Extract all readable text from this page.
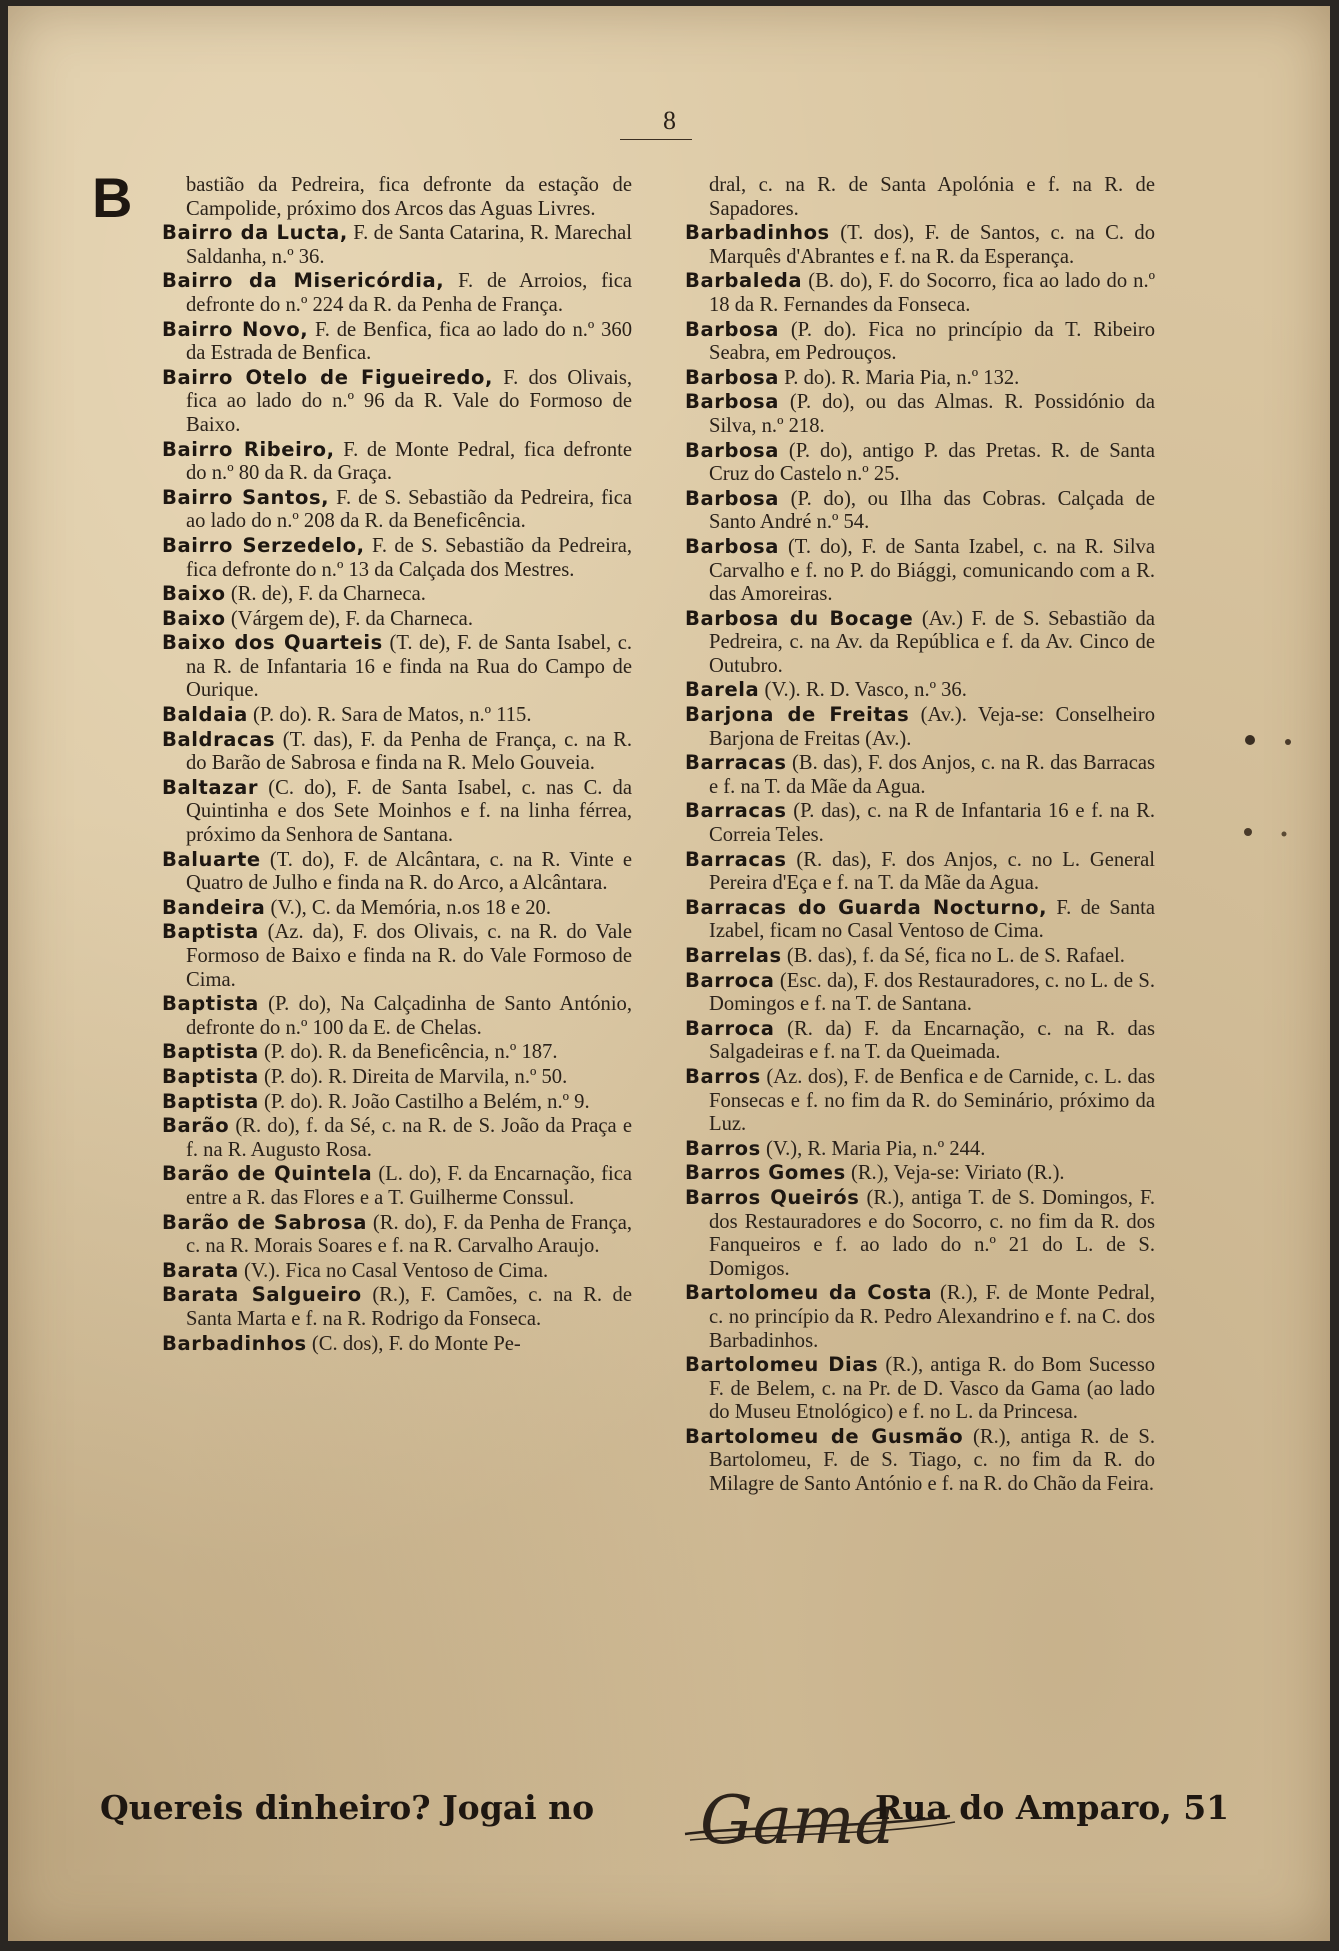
8
B	bastião da Pedreira, fica defronte da estação de Campolide, próximo dos Arcos das Aguas Livres.

Bairro da Lucta, F. de Santa Catarina, R. Marechal Saldanha, n.º 36.

Bairro da Misericórdia, F. de Arroios, fica defronte do n.º 224 da R. da Penha de França.

Bairro Novo, F. de Benfica, fica ao lado do n.º 360 da Estrada de Benfica.

Bairro Otelo de Figueiredo, F. dos Olivais, fica ao lado do n.º 96 da R. Vale do Formoso de Baixo.

Bairro Ribeiro, F. de Monte Pedral, fica defronte do n.º 80 da R. da Graça.

Bairro Santos, F. de S. Sebastião da Pedreira, fica ao lado do n.º 208 da R. da Beneficência.

Bairro Serzedelo, F. de S. Sebastião da Pedreira, fica defronte do n.º 13 da Calçada dos Mestres.

Baixo (R. de), F. da Charneca.

Baixo (Várgem de), F. da Charneca.

Baixo dos Quarteis (T. de), F. de Santa Isabel, c. na R. de Infantaria 16 e finda na Rua do Campo de Ourique.

Baldaia (P. do). R. Sara de Matos, n.º 115.

Baldracas (T. das), F. da Penha de França, c. na R. do Barão de Sabrosa e finda na R. Melo Gouveia.

Baltazar (C. do), F. de Santa Isabel, c. nas C. da Quintinha e dos Sete Moinhos e f. na linha férrea, próximo da Senhora de Santana.

Baluarte (T. do), F. de Alcântara, c. na R. Vinte e Quatro de Julho e finda na R. do Arco, a Alcântara.

Bandeira (V.), C. da Memória, n.os 18 e 20.

Baptista (Az. da), F. dos Olivais, c. na R. do Vale Formoso de Baixo e finda na R. do Vale Formoso de Cima.

Baptista (P. do), Na Calçadinha de Santo António, defronte do n.º 100 da E. de Chelas.

Baptista (P. do). R. da Beneficência, n.º 187.

Baptista (P. do). R. Direita de Marvila, n.º 50.

Baptista (P. do). R. João Castilho a Belém, n.º 9.

Barão (R. do), f. da Sé, c. na R. de S. João da Praça e f. na R. Augusto Rosa.

Barão de Quintela (L. do), F. da Encarnação, fica entre a R. das Flores e a T. Guilherme Conssul.

Barão de Sabrosa (R. do), F. da Penha de França, c. na R. Morais Soares e f. na R. Carvalho Araujo.

Barata (V.). Fica no Casal Ventoso de Cima.

Barata Salgueiro (R.), F. Camões, c. na R. de Santa Marta e f. na R. Rodrigo da Fonseca.

Barbadinhos (C. dos), F. do Monte Pe-

dral, c. na R. de Santa Apolónia e f. na R. de Sapadores.

Barbadinhos (T. dos), F. de Santos, c. na C. do Marquês d'Abrantes e f. na R. da Esperança.

Barbaleda (B. do), F. do Socorro, fica ao lado do n.º 18 da R. Fernandes da Fonseca.

Barbosa (P. do). Fica no princípio da T. Ribeiro Seabra, em Pedrouços.

Barbosa P. do). R. Maria Pia, n.º 132.

Barbosa (P. do), ou das Almas. R. Possidónio da Silva, n.º 218.

Barbosa (P. do), antigo P. das Pretas. R. de Santa Cruz do Castelo n.º 25.

Barbosa (P. do), ou Ilha das Cobras. Calçada de Santo André n.º 54.

Barbosa (T. do), F. de Santa Izabel, c. na R. Silva Carvalho e f. no P. do Biággi, comunicando com a R. das Amoreiras.

Barbosa du Bocage (Av.) F. de S. Sebastião da Pedreira, c. na Av. da República e f. da Av. Cinco de Outubro.

Barela (V.). R. D. Vasco, n.º 36.

Barjona de Freitas (Av.). Veja-se: Conselheiro Barjona de Freitas (Av.).

Barracas (B. das), F. dos Anjos, c. na R. das Barracas e f. na T. da Mãe da Agua.

Barracas (P. das), c. na R de Infantaria 16 e f. na R. Correia Teles.

Barracas (R. das), F. dos Anjos, c. no L. General Pereira d'Eça e f. na T. da Mãe da Agua.

Barracas do Guarda Nocturno, F. de Santa Izabel, ficam no Casal Ventoso de Cima.

Barrelas (B. das), f. da Sé, fica no L. de S. Rafael.

Barroca (Esc. da), F. dos Restauradores, c. no L. de S. Domingos e f. na T. de Santana.

Barroca (R. da) F. da Encarnação, c. na R. das Salgadeiras e f. na T. da Queimada.

Barros (Az. dos), F. de Benfica e de Carnide, c. L. das Fonsecas e f. no fim da R. do Seminário, próximo da Luz.

Barros (V.), R. Maria Pia, n.º 244.

Barros Gomes (R.), Veja-se: Viriato (R.).

Barros Queirós (R.), antiga T. de S. Domingos, F. dos Restauradores e do Socorro, c. no fim da R. dos Fanqueiros e f. ao lado do n.º 21 do L. de S. Domigos.

Bartolomeu da Costa (R.), F. de Monte Pedral, c. no princípio da R. Pedro Alexandrino e f. na C. dos Barbadinhos.

Bartolomeu Dias (R.), antiga R. do Bom Sucesso F. de Belem, c. na Pr. de D. Vasco da Gama (ao lado do Museu Etnológico) e f. no L. da Princesa.

Bartolomeu de Gusmão (R.), antiga R. de S. Bartolomeu, F. de S. Tiago, c. no fim da R. do Milagre de Santo António e f. na R. do Chão da Feira.

Quereis dinheiro? Jogai no Gama
Rua do Amparo, 51
